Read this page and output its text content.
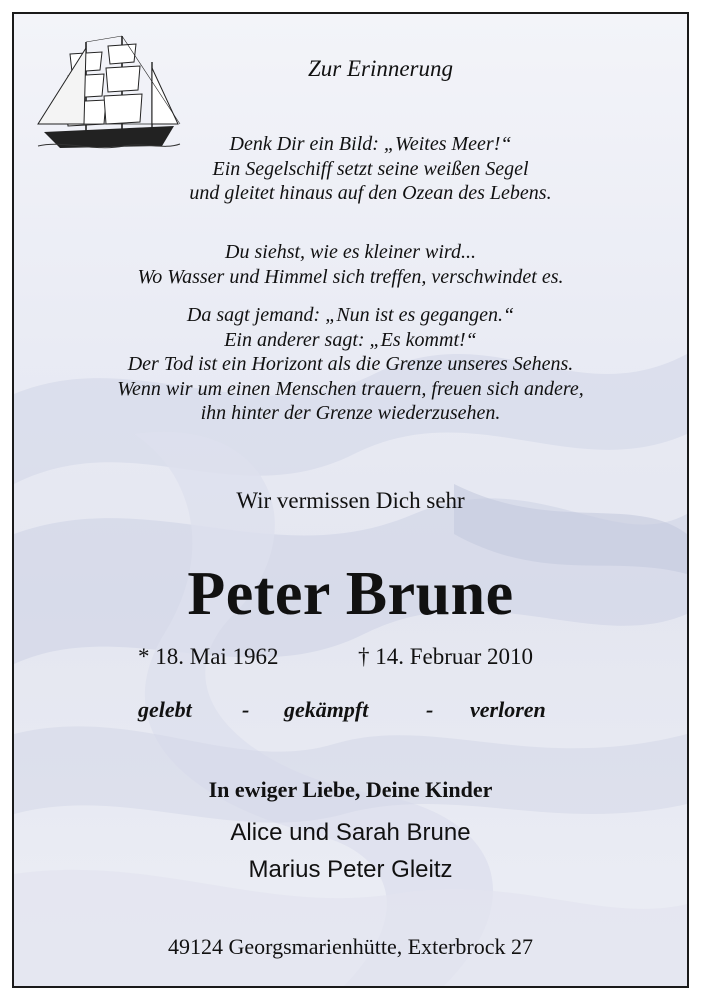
Zur Erinnerung
Denk Dir ein Bild: „Weites Meer!“
Ein Segelschiff setzt seine weißen Segel
und gleitet hinaus auf den Ozean des Lebens.
Du siehst, wie es kleiner wird...
Wo Wasser und Himmel sich treffen, verschwindet es.
Da sagt jemand: „Nun ist es gegangen.“
Ein anderer sagt: „Es kommt!“
Der Tod ist ein Horizont als die Grenze unseres Sehens.
Wenn wir um einen Menschen trauern, freuen sich andere,
ihn hinter der Grenze wiederzusehen.
Wir vermissen Dich sehr
Peter Brune
* 18. Mai 1962	† 14. Februar 2010
gelebt - gekämpft	- verloren
In ewiger Liebe, Deine Kinder
Alice und Sarah Brune
Marius Peter Gleitz
49124 Georgsmarienhütte, Exterbrock 27
